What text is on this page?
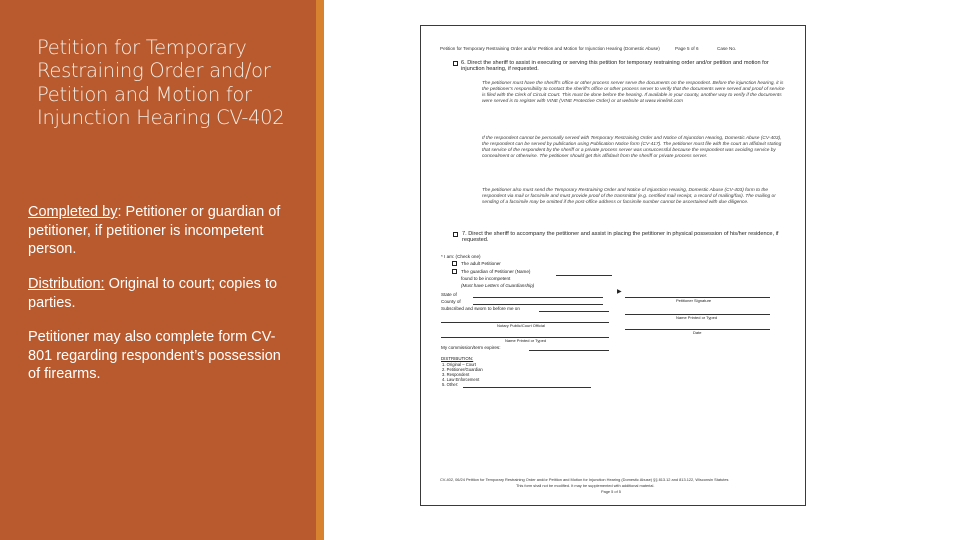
Petition for Temporary Restraining Order and/or Petition and Motion for Injunction Hearing CV-402
Completed by: Petitioner or guardian of petitioner, if petitioner is incompetent person.
Distribution: Original to court; copies to parties.
Petitioner may also complete form CV-801 regarding respondent’s possession of firearms.
Petition for Temporary Restraining Order and/or Petition and Motion for Injunction Hearing (Domestic Abuse)	Page 5 of 6	Case No.
6. Direct the sheriff to assist in executing or serving this petition for temporary restraining order and/or petition and motion for injunction hearing, if requested.
The petitioner must have the sheriff's office or other process server serve the documents on the respondent. Before the injunction hearing, it is the petitioner's responsibility to contact the sheriff's office or other process server to verify that the documents were served and proof of service is filed with the Clerk of Circuit Court. This must be done before the hearing. If available in your county, another way to verify if the documents were served is to register with VINE (VINE Protective Order) or at website at www.vinelink.com
If the respondent cannot be personally served with Temporary Restraining Order and Notice of Injunction Hearing, Domestic Abuse (CV-403), the respondent can be served by publication using Publication Notice form (CV-417). The petitioner must file with the court an affidavit stating that service of the respondent by the sheriff or a private process server was unsuccessful because the respondent was avoiding service by concealment or otherwise. The petitioner should get this affidavit from the sheriff or private process server.
The petitioner also must send the Temporary Restraining Order and Notice of Injunction Hearing, Domestic Abuse (CV-403) form to the respondent via mail or facsimile and must provide proof of the transmittal (e.g. certified mail receipt, a record of mailing/fax). The mailing or sending of a facsimile may be omitted if the post-office address or facsimile number cannot be ascertained with due diligence.
7. Direct the sheriff to accompany the petitioner and assist in placing the petitioner in physical possession of his/her residence, if requested.
* I am: (Check one)
The adult Petitioner
The guardian of Petitioner (Name)
found to be incompetent
(Must have Letters of Guardianship)
State of
County of
Subscribed and sworn to before me on
▶
Petitioner Signature
Name Printed or Typed
Date
Notary Public/Court Official
Name Printed or Typed
My commission/term expires:
DISTRIBUTION:
1. Original – Court
2. Petitioner/Guardian
3. Respondent
4. Law Enforcement
5. Other:
CV-402, 06/24 Petition for Temporary Restraining Order and/or Petition and Motion for Injunction Hearing (Domestic Abuse) §§ 813.12 and 813.122, Wisconsin Statutes
This form shall not be modified. It may be supplemented with additional material.
Page 5 of 5
